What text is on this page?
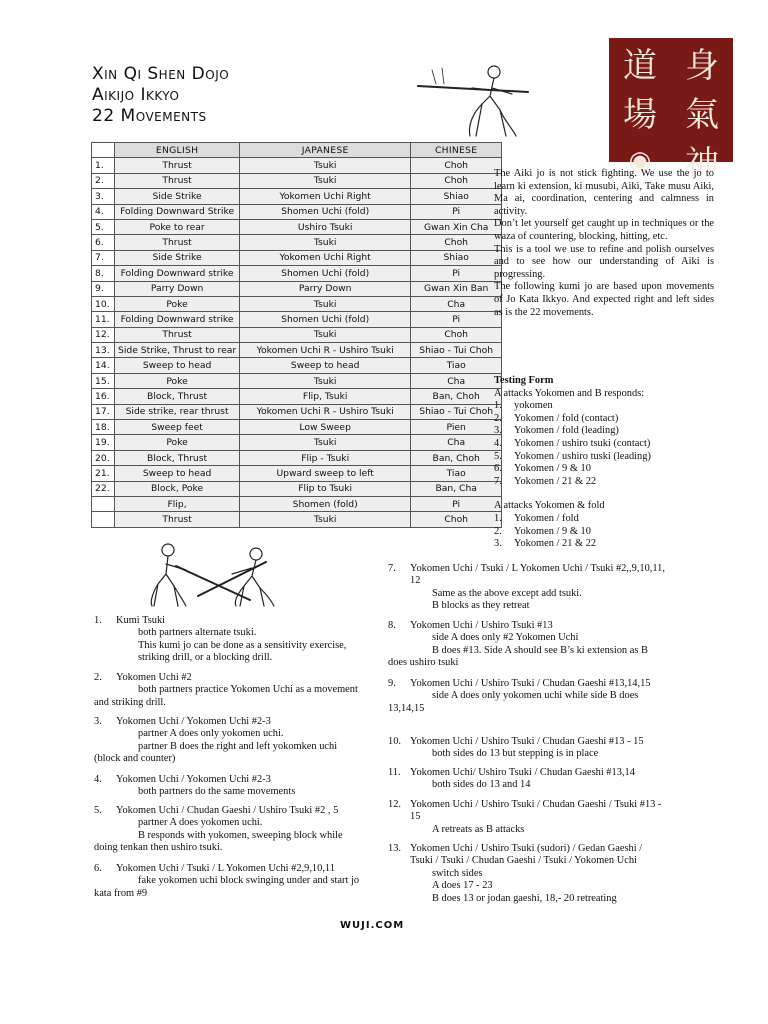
Xin Qi Shen Dojo
Aikijo Ikkyo
22 Movements
道 身
場 氣
◉ 神
	ENGLISH	JAPANESE	CHINESE
1.	Thrust	Tsuki	Choh
2.	Thrust	Tsuki	Choh
3.	Side Strike	Yokomen Uchi Right	Shiao
4.	Folding Downward Strike	Shomen Uchi (fold)	Pi
5.	Poke to rear	Ushiro Tsuki	Gwan Xin Cha
6.	Thrust	Tsuki	Choh
7.	Side Strike	Yokomen Uchi Right	Shiao
8.	Folding Downward strike	Shomen Uchi (fold)	Pi
9.	Parry Down	Parry Down	Gwan Xin Ban
10.	Poke	Tsuki	Cha
11.	Folding Downward strike	Shomen Uchi (fold)	Pi
12.	Thrust	Tsuki	Choh
13.	Side Strike, Thrust to rear	Yokomen Uchi R - Ushiro Tsuki	Shiao - Tui Choh
14.	Sweep to head	Sweep to head	Tiao
15.	Poke	Tsuki	Cha
16.	Block, Thrust	Flip, Tsuki	Ban, Choh
17.	Side strike, rear thrust	Yokomen Uchi R - Ushiro Tsuki	Shiao - Tui Choh
18.	Sweep feet	Low Sweep	Pien
19.	Poke	Tsuki	Cha
20.	Block, Thrust	Flip - Tsuki	Ban, Choh
21.	Sweep to head	Upward sweep to left	Tiao
22.	Block, Poke	Flip to Tsuki	Ban, Cha
	Flip,	Shomen (fold)	Pi
	Thrust	Tsuki	Choh

The Aiki jo is not stick fighting. We use the jo to learn ki extension, ki musubi, Aiki, Take musu Aiki, Ma ai, coordination, centering and calmness in activity.

Don’t let yourself get caught up in techniques or the waza of countering, blocking, hitting, etc.

This is a tool we use to refine and polish ourselves and to see how our understanding of Aiki is progressing.

The following kumi jo are based upon movements of Jo Kata Ikkyo. And expected right and left sides as is the 22 movements.

Testing Form
A attacks Yokomen and B responds:
1. yokomen
2. Yokomen / fold (contact)
3. Yokomen / fold (leading)
4. Yokomen / ushiro tsuki (contact)
5. Yokomen / ushiro tuski (leading)
6. Yokomen / 9 & 10
7. Yokomen / 21 & 22
A attacks Yokomen & fold
1. Yokomen / fold
2. Yokomen / 9 & 10
3. Yokomen / 21 & 22
1.	Kumi Tsuki
both partners alternate tsuki.
This kumi jo can be done as a sensitivity exercise, striking drill, or a blocking drill.
2.	Yokomen Uchi #2
both partners practice Yokomen Uchi as a movement
and striking drill.
3.	Yokomen Uchi / Yokomen Uchi #2-3
partner A does only yokomen uchi.
partner B does the right and left yokomken uchi
(block and counter)
4.	Yokomen Uchi / Yokomen Uchi #2-3
both partners do the same movements
5.	Yokomen Uchi / Chudan Gaeshi / Ushiro Tsuki #2 , 5
partner A does yokomen uchi.
B responds with yokomen, sweeping block while
doing tenkan then ushiro tsuki.
6.	Yokomen Uchi / Tsuki / L Yokomen Uchi #2,9,10,11
fake yokomen uchi block swinging under and start jo
kata from #9
7.	Yokomen Uchi / Tsuki / L Yokomen Uchi / Tsuki #2,,9,10,11, 12
Same as the above except add tsuki.
B blocks as they retreat
8.	Yokomen Uchi / Ushiro Tsuki #13
side A does only #2 Yokomen Uchi
B does #13. Side A should see B’s ki extension as B
does ushiro tsuki
9.	Yokomen Uchi / Ushiro Tsuki / Chudan Gaeshi #13,14,15
side A does only yokomen uchi while side B does
13,14,15
10. Yokomen Uchi / Ushiro Tsuki / Chudan Gaeshi #13 - 15
both sides do 13 but stepping is in place
11. Yokomen Uchi/ Ushiro Tsuki / Chudan Gaeshi #13,14
both sides do 13 and 14
12. Yokomen Uchi / Ushiro Tsuki / Chudan Gaeshi / Tsuki #13 - 15
A retreats as B attacks
13. Yokomen Uchi / Ushiro Tsuki (sudori) / Gedan Gaeshi / Tsuki / Tsuki / Chudan Gaeshi / Tsuki / Yokomen Uchi
switch sides
A does 17 - 23
B does 13 or jodan gaeshi, 18,- 20 retreating
WUJI.COM
